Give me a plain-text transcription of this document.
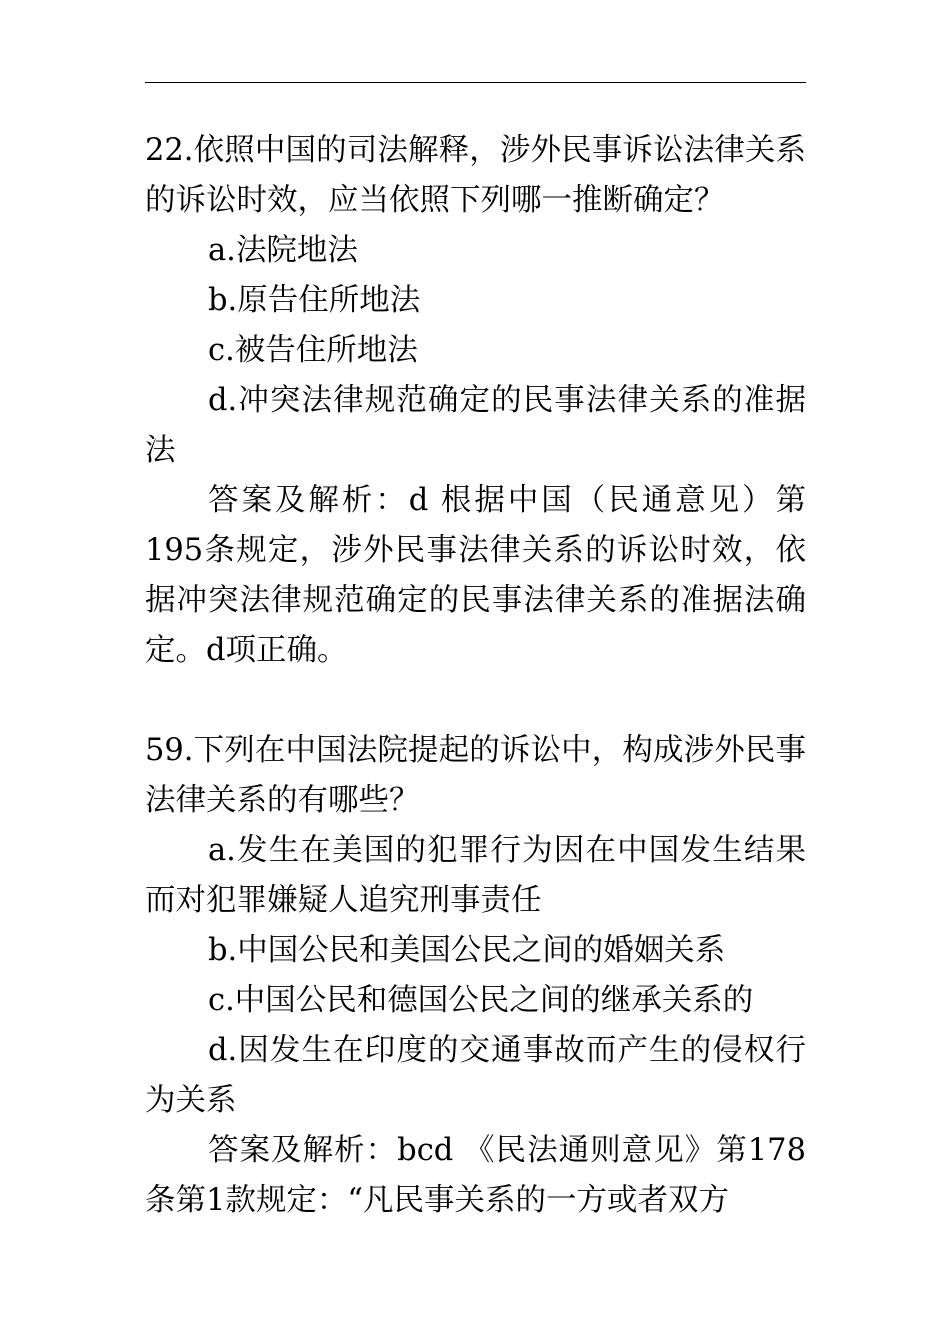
22.依照中国的司法解释，涉外民事诉讼法律关系的诉讼时效，应当依照下列哪一推断确定？

a.法院地法

b.原告住所地法

c.被告住所地法

d.冲突法律规范确定的民事法律关系的准据法

答案及解析：d 根据中国（民通意见）第195条规定，涉外民事法律关系的诉讼时效，依据冲突法律规范确定的民事法律关系的准据法确定。d项正确。

59.下列在中国法院提起的诉讼中，构成涉外民事法律关系的有哪些？

a.发生在美国的犯罪行为因在中国发生结果而对犯罪嫌疑人追究刑事责任

b.中国公民和美国公民之间的婚姻关系

c.中国公民和德国公民之间的继承关系的

d.因发生在印度的交通事故而产生的侵权行为关系

答案及解析：bcd 《民法通则意见》第178条第1款规定：“凡民事关系的一方或者双方
